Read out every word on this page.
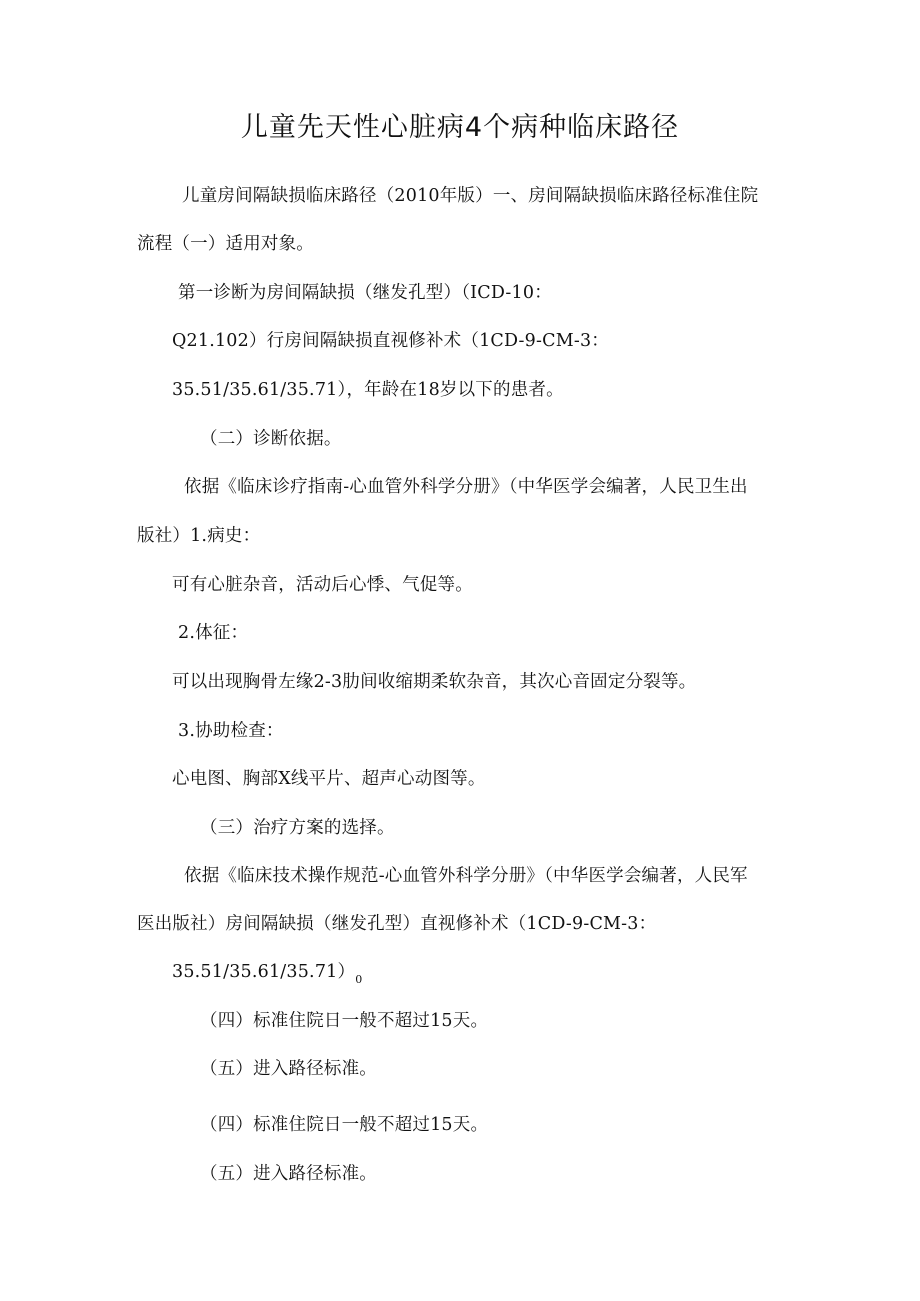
儿童先天性心脏病4个病种临床路径
儿童房间隔缺损临床路径（2010年版）一、房间隔缺损临床路径标准住院
流程（一）适用对象。
第一诊断为房间隔缺损（继发孔型）（ICD-10：
Q21.102）行房间隔缺损直视修补术（1CD-9-CM-3：
35.51/35.61/35.71），年龄在18岁以下的患者。
（二）诊断依据。
依据《临床诊疗指南-心血管外科学分册》（中华医学会编著，人民卫生出
版社）1.病史：
可有心脏杂音，活动后心悸、气促等。
2.体征：
可以出现胸骨左缘2-3肋间收缩期柔软杂音，其次心音固定分裂等。
3.协助检查：
心电图、胸部X线平片、超声心动图等。
（三）治疗方案的选择。
依据《临床技术操作规范-心血管外科学分册》（中华医学会编著，人民军
医出版社）房间隔缺损（继发孔型）直视修补术（1CD-9-CM-3：
$35.51/35.61/35.71)_0$
（四）标准住院日一般不超过15天。
（五）进入路径标准。
（四）标准住院日一般不超过15天。
（五）进入路径标准。
